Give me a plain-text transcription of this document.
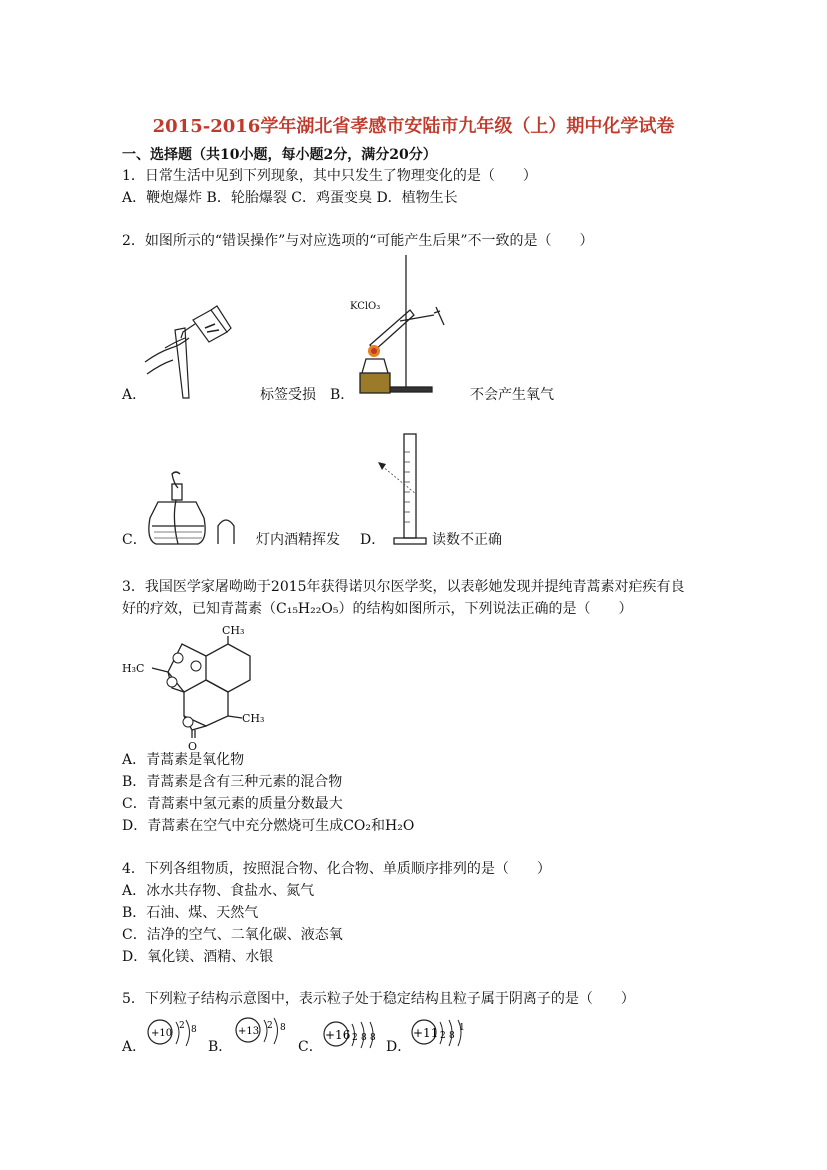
2015-2016学年湖北省孝感市安陆市九年级（上）期中化学试卷
一、选择题（共10小题，每小题2分，满分20分）
1．日常生活中见到下列现象，其中只发生了物理变化的是（　　）
A．鞭炮爆炸 B．轮胎爆裂 C．鸡蛋变臭 D．植物生长
2．如图所示的“错误操作”与对应选项的“可能产生后果”不一致的是（　　）
A．	标签受损
KClO₃
B．	不会产生氧气
C．	灯内酒精挥发 D．	读数不正确
3．我国医学家屠呦呦于2015年获得诺贝尔医学奖，以表彰她发现并提纯青蒿素对疟疾有良
好的疗效，已知青蒿素（C₁₅H₂₂O₅）的结构如图所示，下列说法正确的是（　　）
CH₃
H₃C
CH₃
O
A．青蒿素是氧化物
B．青蒿素是含有三种元素的混合物
C．青蒿素中氢元素的质量分数最大
D．青蒿素在空气中充分燃烧可生成CO₂和H₂O
4．下列各组物质，按照混合物、化合物、单质顺序排列的是（　　）
A．冰水共存物、食盐水、氮气
B．石油、煤、天然气
C．洁净的空气、二氧化碳、液态氧
D．氧化镁、酒精、水银
5．下列粒子结构示意图中，表示粒子处于稳定结构且粒子属于阴离子的是（　　）
A．	B．	C．	D．
+10
2 8	+13 2 8	+16 2 8 8	+11 2 8
1
